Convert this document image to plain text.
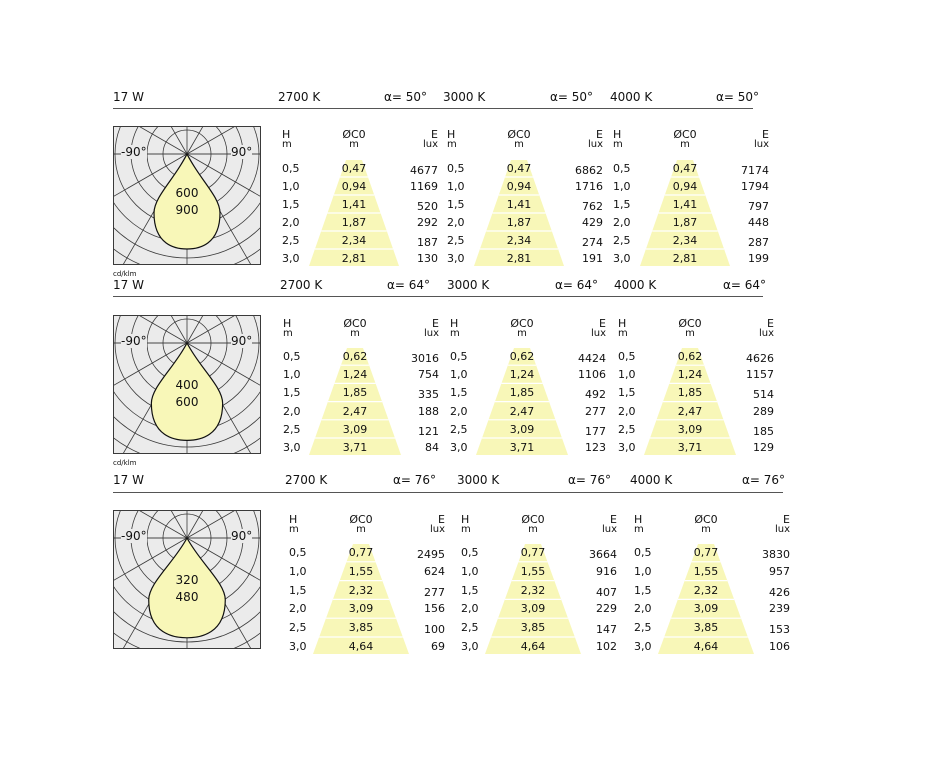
17 W	2700 K	α= 50° 3000 K	α= 50° 4000 K	α= 50°
-90°	90°
600
900
cd/klm
H
m
ØC0
m
E
lux
0,5	0,47	4677
1,0	0,94	1169
1,5	1,41	520
2,0	1,87	292
2,5	2,34	187
3,0	2,81	130
H
m
ØC0
m
E
lux
0,5	0,47	6862
1,0	0,94	1716
1,5	1,41	762
2,0	1,87	429
2,5	2,34	274
3,0	2,81	191
H
m
ØC0
m
E
lux
0,5	0,47	7174
1,0	0,94	1794
1,5	1,41	797
2,0	1,87	448
2,5	2,34	287
3,0	2,81	199
17 W	2700 K	α= 64° 3000 K	α= 64° 4000 K	α= 64°
-90°	90°
400
600
cd/klm
H
m
ØC0
m
E
lux
0,5	0,62	3016
1,0	1,24	754
1,5	1,85	335
2,0	2,47	188
2,5	3,09	121
3,0	3,71	84
H
m
ØC0
m
E
lux
0,5	0,62	4424
1,0	1,24	1106
1,5	1,85	492
2,0	2,47	277
2,5	3,09	177
3,0	3,71	123
H
m
ØC0
m
E
lux
0,5	0,62	4626
1,0	1,24	1157
1,5	1,85	514
2,0	2,47	289
2,5	3,09	185
3,0	3,71	129
17 W	2700 K	α= 76° 3000 K	α= 76° 4000 K	α= 76°
-90°	90°
320
480
H
m
ØC0
m
E
lux
0,5	0,77	2495
1,0	1,55	624
1,5	2,32	277
2,0	3,09	156
2,5	3,85	100
3,0	4,64	69
H
m
ØC0
m
E
lux
0,5	0,77	3664
1,0	1,55	916
1,5	2,32	407
2,0	3,09	229
2,5	3,85	147
3,0	4,64	102
H
m
ØC0
m
E
lux
0,5	0,77	3830
1,0	1,55	957
1,5	2,32	426
2,0	3,09	239
2,5	3,85	153
3,0	4,64	106
